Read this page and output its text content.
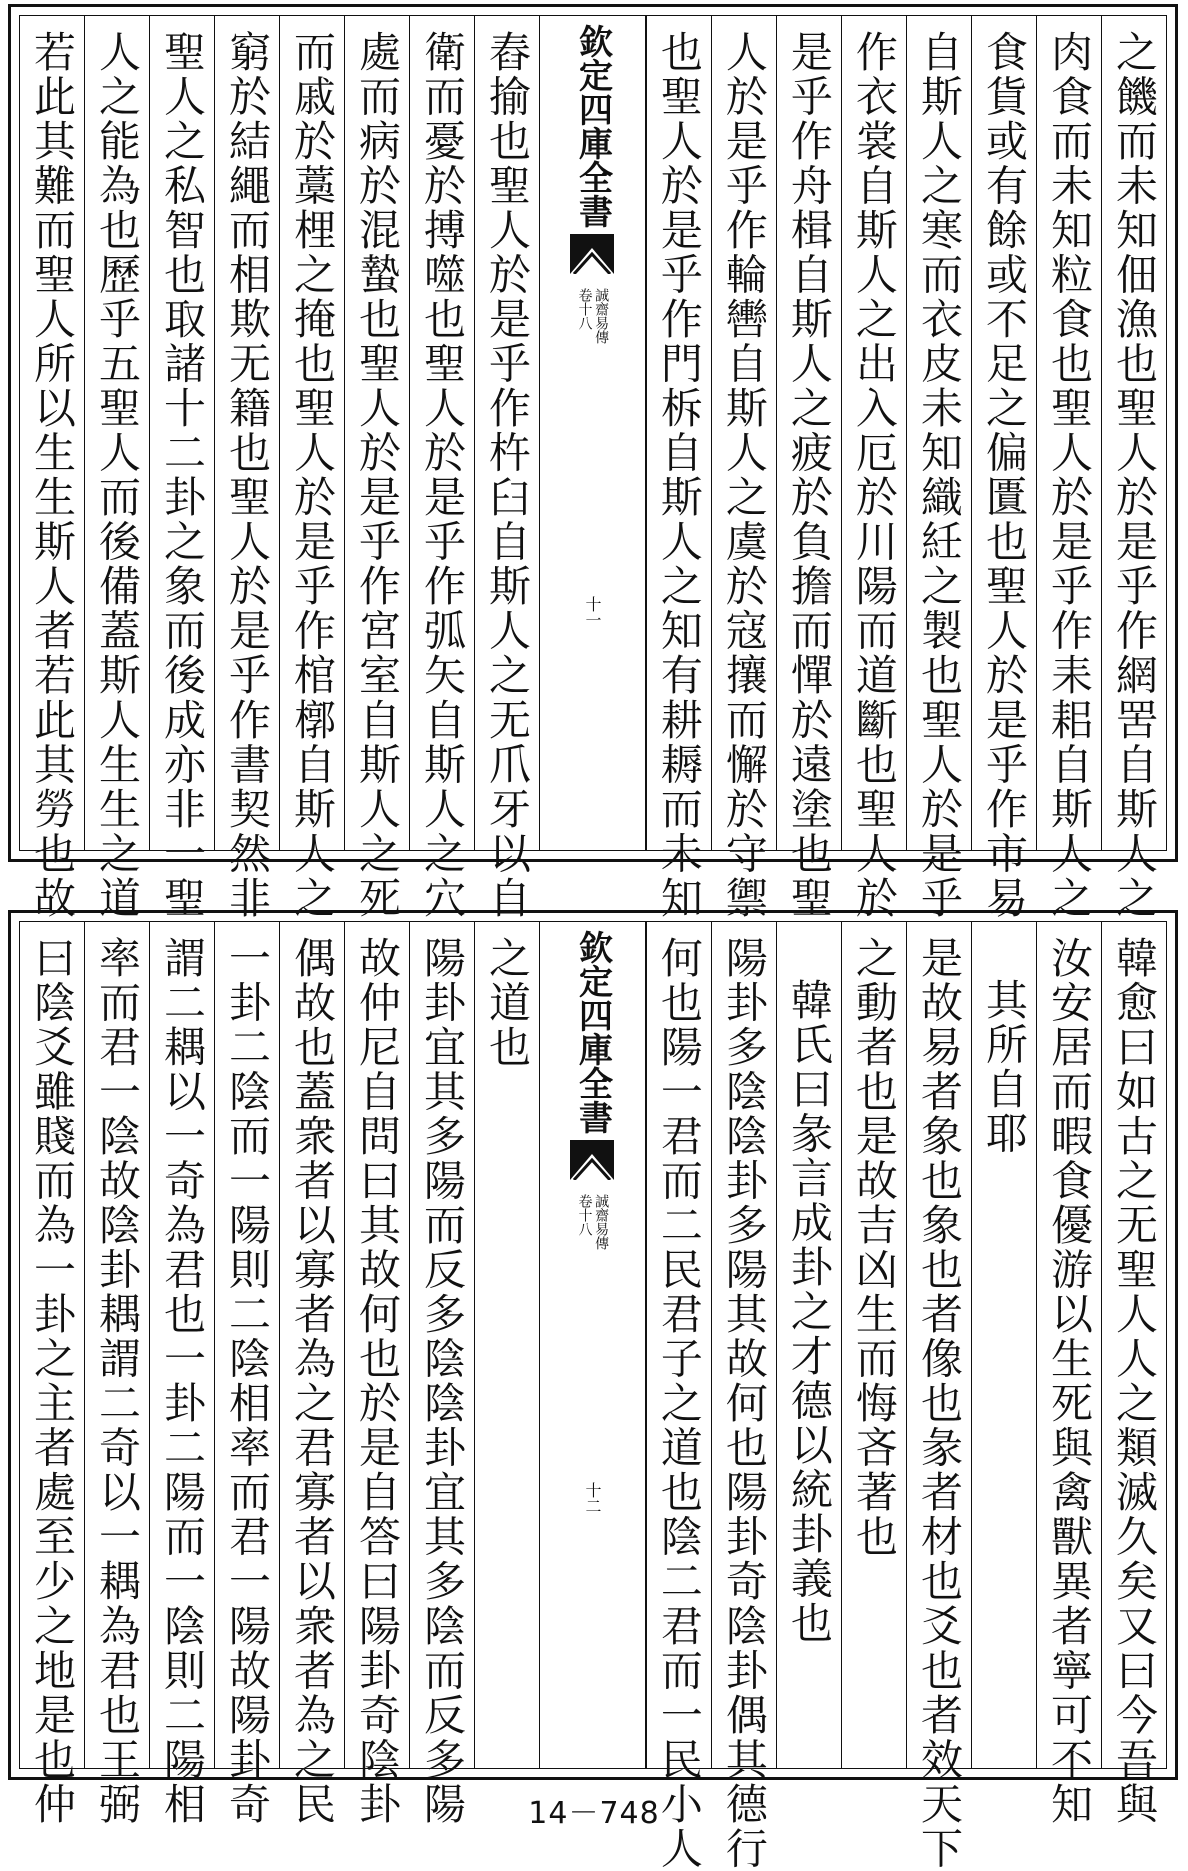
之饑而未知佃漁也聖人於是乎作網罟自斯人之
肉食而未知粒食也聖人於是乎作耒耜自斯人之
食貨或有餘或不足之偏匱也聖人於是乎作市易
自斯人之寒而衣皮未知織紝之製也聖人於是乎
作衣裳自斯人之出入厄於川陽而道斷也聖人於
是乎作舟楫自斯人之疲於負擔而憚於遠塗也聖
人於是乎作輪轡自斯人之虞於寇攘而懈於守禦
也聖人於是乎作門柝自斯人之知有耕耨而未知
欽定四庫全書
誠齋易傳
卷十八
十一
舂揄也聖人於是乎作杵臼自斯人之无爪牙以自
衛而憂於搏噬也聖人於是乎作弧矢自斯人之穴
處而病於混蟄也聖人於是乎作宮室自斯人之死
而戚於藁梩之掩也聖人於是乎作棺槨自斯人之
窮於結繩而相欺无籍也聖人於是乎作書契然非
聖人之私智也取諸十二卦之象而後成亦非一聖
人之能為也歷乎五聖人而後備蓋斯人生生之道
若此其難而聖人所以生生斯人者若此其勞也故
韓愈曰如古之无聖人人之類滅久矣又曰今吾與
汝安居而暇食優游以生死與禽獸異者寧可不知
其所自耶
是故易者象也象也者像也彖者材也爻也者效天下
之動者也是故吉凶生而悔吝著也
韓氏曰彖言成卦之才德以統卦義也
陽卦多陰陰卦多陽其故何也陽卦奇陰卦偶其德行
何也陽一君而二民君子之道也陰二君而一民小人
欽定四庫全書
誠齋易傳
卷十八
十二
之道也
陽卦宜其多陽而反多陰陰卦宜其多陰而反多陽
故仲尼自問曰其故何也於是自答曰陽卦奇陰卦
偶故也蓋衆者以寡者為之君寡者以衆者為之民
一卦二陰而一陽則二陰相率而君一陽故陽卦奇
謂二耦以一奇為君也一卦二陽而一陰則二陽相
率而君一陰故陰卦耦謂二奇以一耦為君也王弼
曰陰爻雖賤而為一卦之主者處至少之地是也仲	14－748
